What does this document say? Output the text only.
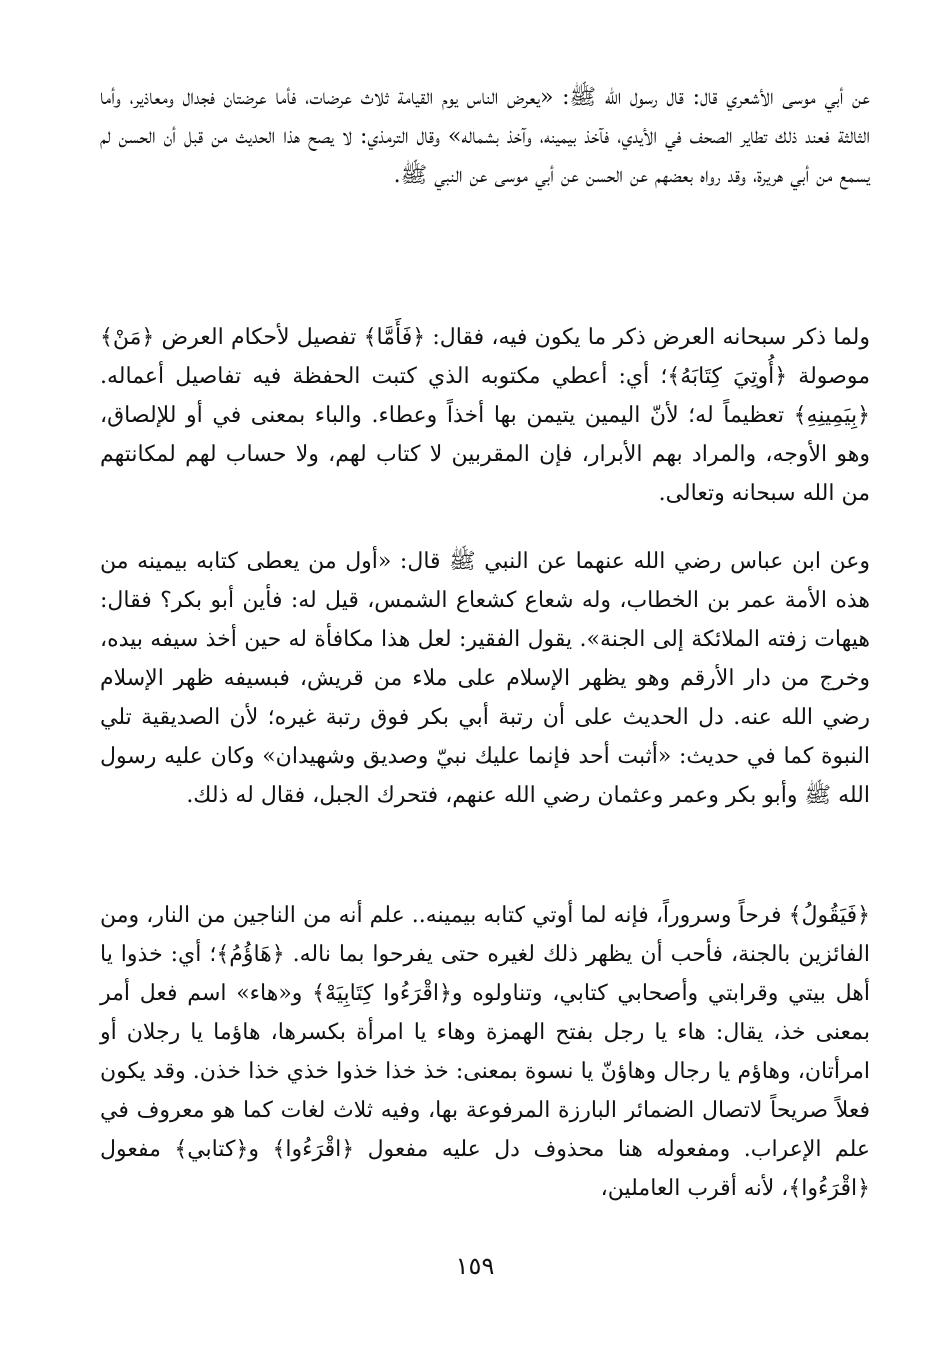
عن أبي موسى الأشعري قال: قال رسول الله ﷺ: «يعرض الناس يوم القيامة ثلاث عرضات، فأما عرضتان فجدال ومعاذير، وأما الثالثة فعند ذلك تطاير الصحف في الأيدي، فآخذ بيمينه، وآخذ بشماله» وقال الترمذي: لا يصح هذا الحديث من قبل أن الحسن لم يسمع من أبي هريرة، وقد رواه بعضهم عن الحسن عن أبي موسى عن النبي ﷺ.

ولما ذكر سبحانه العرض ذكر ما يكون فيه، فقال: ﴿فَأَمَّا﴾ تفصيل لأحكام العرض ﴿مَنْ﴾ موصولة ﴿أُوتِيَ كِتَابَهُ﴾؛ أي: أعطي مكتوبه الذي كتبت الحفظة فيه تفاصيل أعماله. ﴿بِيَمِينِهِ﴾ تعظيماً له؛ لأنّ اليمين يتيمن بها أخذاً وعطاء. والباء بمعنى في أو للإلصاق، وهو الأوجه، والمراد بهم الأبرار، فإن المقربين لا كتاب لهم، ولا حساب لهم لمكانتهم من الله سبحانه وتعالى.

وعن ابن عباس رضي الله عنهما عن النبي ﷺ قال: «أول من يعطى كتابه بيمينه من هذه الأمة عمر بن الخطاب، وله شعاع كشعاع الشمس، قيل له: فأين أبو بكر؟ فقال: هيهات زفته الملائكة إلى الجنة». يقول الفقير: لعل هذا مكافأة له حين أخذ سيفه بيده، وخرج من دار الأرقم وهو يظهر الإسلام على ملاء من قريش، فبسيفه ظهر الإسلام رضي الله عنه. دل الحديث على أن رتبة أبي بكر فوق رتبة غيره؛ لأن الصديقية تلي النبوة كما في حديث: «أثبت أحد فإنما عليك نبيّ وصديق وشهيدان» وكان عليه رسول الله ﷺ وأبو بكر وعمر وعثمان رضي الله عنهم، فتحرك الجبل، فقال له ذلك.

﴿فَيَقُولُ﴾ فرحاً وسروراً، فإنه لما أوتي كتابه بيمينه.. علم أنه من الناجين من النار، ومن الفائزين بالجنة، فأحب أن يظهر ذلك لغيره حتى يفرحوا بما ناله. ﴿هَاؤُمُ﴾؛ أي: خذوا يا أهل بيتي وقرابتي وأصحابي كتابي، وتناولوه و﴿اقْرَءُوا كِتَابِيَهْ﴾ و«هاء» اسم فعل أمر بمعنى خذ، يقال: هاء يا رجل بفتح الهمزة وهاء يا امرأة بكسرها، هاؤما يا رجلان أو امرأتان، وهاؤم يا رجال وهاؤنّ يا نسوة بمعنى: خذ خذا خذوا خذي خذا خذن. وقد يكون فعلاً صريحاً لاتصال الضمائر البارزة المرفوعة بها، وفيه ثلاث لغات كما هو معروف في علم الإعراب. ومفعوله هنا محذوف دل عليه مفعول ﴿اقْرَءُوا﴾ و﴿كتابي﴾ مفعول ﴿اقْرَءُوا﴾، لأنه أقرب العاملين،

١٥٩
